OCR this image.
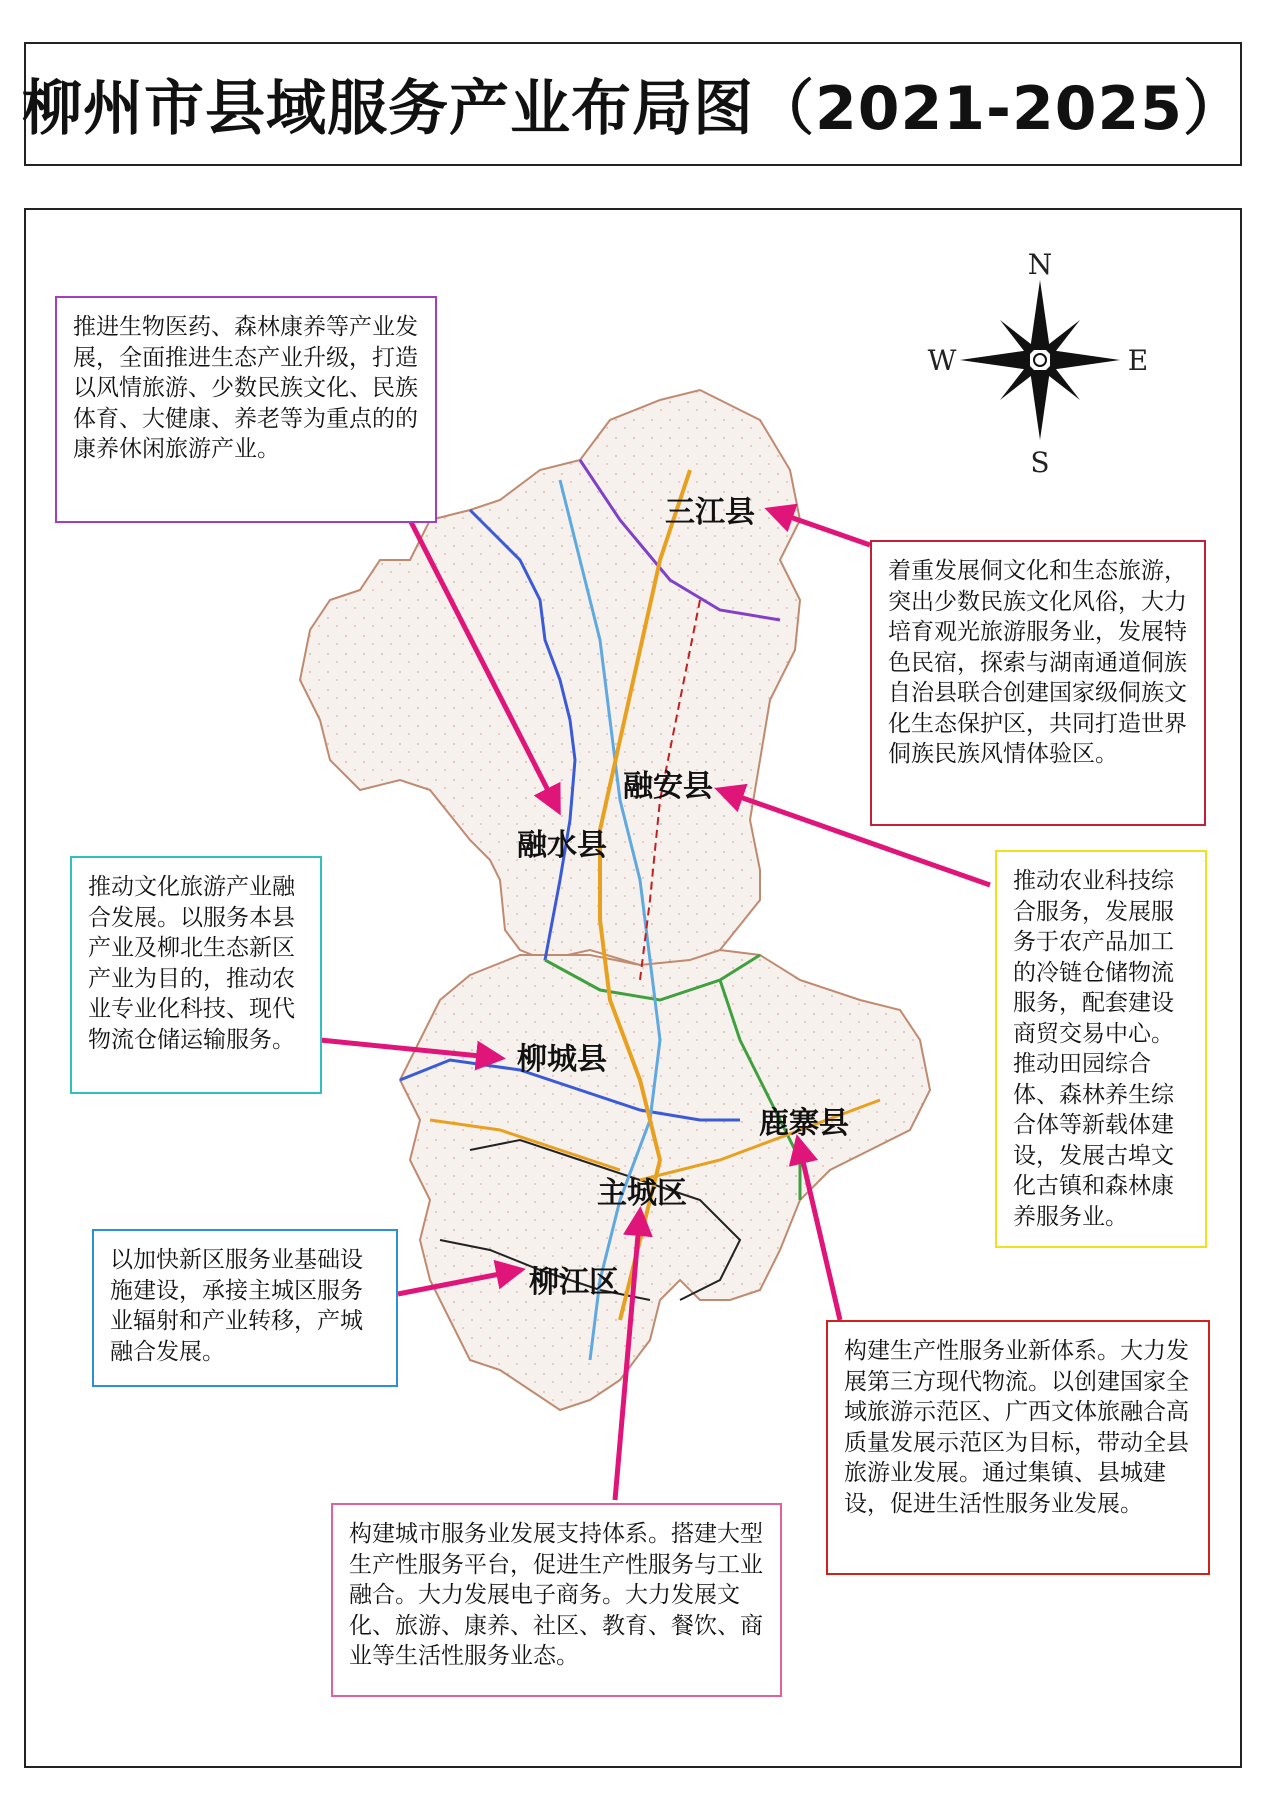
柳州市县域服务产业布局图（2021-2025）
三江县
融安县
融水县
柳城县
鹿寨县
主城区
柳江区
N
S
W	E
推进生物医药、森林康养等产业发展，全面推进生态产业升级，打造以风情旅游、少数民族文化、民族体育、大健康、养老等为重点的的康养休闲旅游产业。
着重发展侗文化和生态旅游，突出少数民族文化风俗，大力培育观光旅游服务业，发展特色民宿，探索与湖南通道侗族自治县联合创建国家级侗族文化生态保护区，共同打造世界侗族民族风情体验区。
推动文化旅游产业融合发展。以服务本县产业及柳北生态新区产业为目的，推动农业专业化科技、现代物流仓储运输服务。
推动农业科技综合服务，发展服务于农产品加工的冷链仓储物流服务，配套建设商贸交易中心。推动田园综合体、森林养生综合体等新载体建设，发展古埠文化古镇和森林康养服务业。
以加快新区服务业基础设施建设，承接主城区服务业辐射和产业转移，产城融合发展。	构建生产性服务业新体系。大力发展第三方现代物流。以创建国家全域旅游示范区、广西文体旅融合高质量发展示范区为目标，带动全县旅游业发展。通过集镇、县城建设，促进生活性服务业发展。
构建城市服务业发展支持体系。搭建大型生产性服务平台，促进生产性服务与工业融合。大力发展电子商务。大力发展文化、旅游、康养、社区、教育、餐饮、商业等生活性服务业态。
